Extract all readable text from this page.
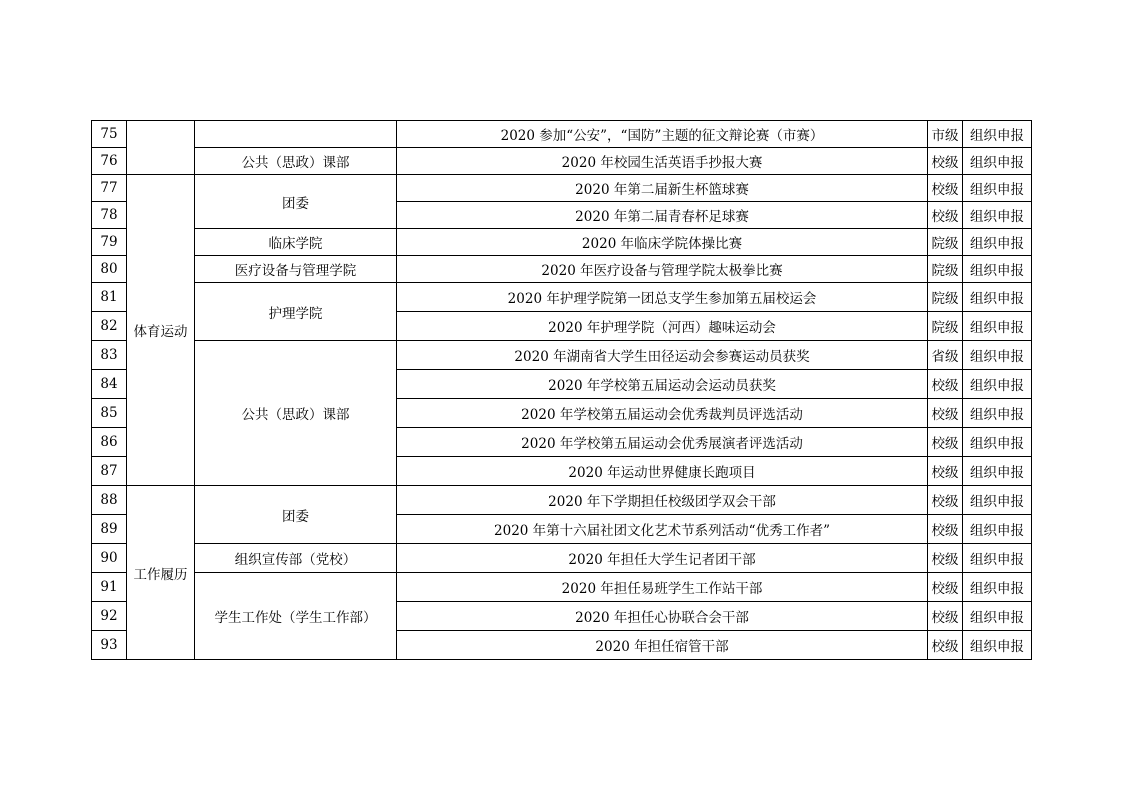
75			2020 参加“公安”，“国防”主题的征文辩论赛（市赛）	市级	组织申报
76		公共（思政）课部	2020 年校园生活英语手抄报大赛	校级	组织申报
77	体育运动	团委	2020 年第二届新生杯篮球赛	校级	组织申报
78			2020 年第二届青春杯足球赛	校级	组织申报
79		临床学院	2020 年临床学院体操比赛	院级	组织申报
80		医疗设备与管理学院	2020 年医疗设备与管理学院太极拳比赛	院级	组织申报
81		护理学院	2020 年护理学院第一团总支学生参加第五届校运会	院级	组织申报
82			2020 年护理学院（河西）趣味运动会	院级	组织申报
83		公共（思政）课部	2020 年湖南省大学生田径运动会参赛运动员获奖	省级	组织申报
84			2020 年学校第五届运动会运动员获奖	校级	组织申报
85			2020 年学校第五届运动会优秀裁判员评选活动	校级	组织申报
86			2020 年学校第五届运动会优秀展演者评选活动	校级	组织申报
87			2020 年运动世界健康长跑项目	校级	组织申报
88	工作履历	团委	2020 年下学期担任校级团学双会干部	校级	组织申报
89			2020 年第十六届社团文化艺术节系列活动“优秀工作者”	校级	组织申报
90		组织宣传部（党校）	2020 年担任大学生记者团干部	校级	组织申报
91		学生工作处（学生工作部）	2020 年担任易班学生工作站干部	校级	组织申报
92			2020 年担任心协联合会干部	校级	组织申报
93			2020 年担任宿管干部	校级	组织申报
